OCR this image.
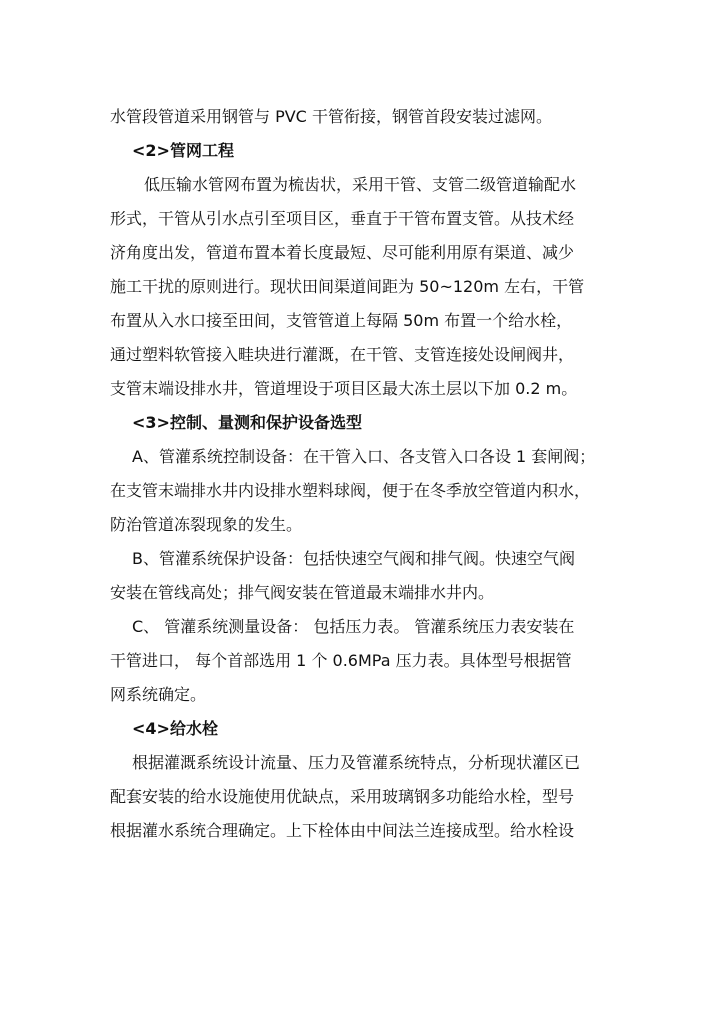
水管段管道采用钢管与 PVC 干管衔接，钢管首段安装过滤网。
<2>管网工程
低压输水管网布置为梳齿状，采用干管、支管二级管道输配水
形式，干管从引水点引至项目区，垂直于干管布置支管。从技术经
济角度出发，管道布置本着长度最短、尽可能利用原有渠道、减少
施工干扰的原则进行。现状田间渠道间距为 50~120m 左右，干管
布置从入水口接至田间，支管管道上每隔 50m 布置一个给水栓，
通过塑料软管接入畦块进行灌溉，在干管、支管连接处设闸阀井，
支管末端设排水井，管道埋设于项目区最大冻土层以下加 0.2 m。
<3>控制、量测和保护设备选型
A、管灌系统控制设备：在干管入口、各支管入口各设 1 套闸阀；
在支管末端排水井内设排水塑料球阀，便于在冬季放空管道内积水，
防治管道冻裂现象的发生。
B、管灌系统保护设备：包括快速空气阀和排气阀。快速空气阀
安装在管线高处；排气阀安装在管道最末端排水井内。
C、 管灌系统测量设备： 包括压力表。 管灌系统压力表安装在
干管进口， 每个首部选用 1 个 0.6MPa 压力表。具体型号根据管
网系统确定。
<4>给水栓
根据灌溉系统设计流量、压力及管灌系统特点，分析现状灌区已
配套安装的给水设施使用优缺点，采用玻璃钢多功能给水栓，型号
根据灌水系统合理确定。上下栓体由中间法兰连接成型。给水栓设
